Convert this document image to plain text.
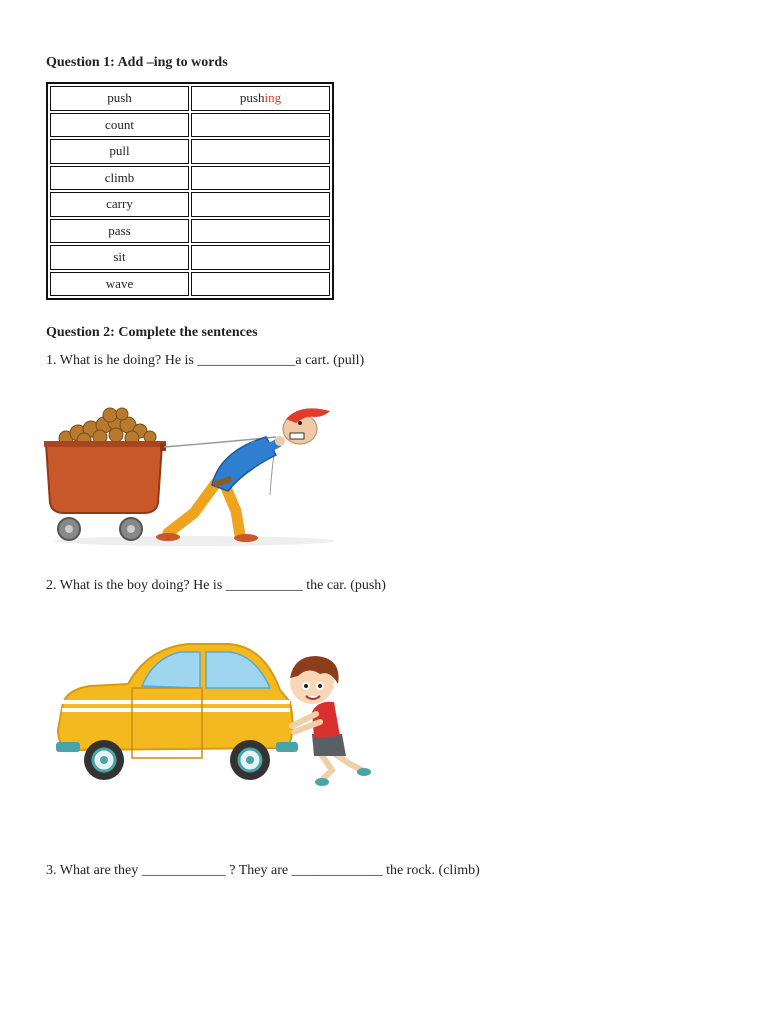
Question 1: Add –ing to words
push	pushing
count	
pull	
climb	
carry	
pass	
sit	
wave	
Question 2: Complete the sentences
1. What is he doing? He is ______________a cart. (pull)
2. What is the boy doing? He is ___________ the car. (push)
3. What are they ____________ ? They are _____________ the rock. (climb)
